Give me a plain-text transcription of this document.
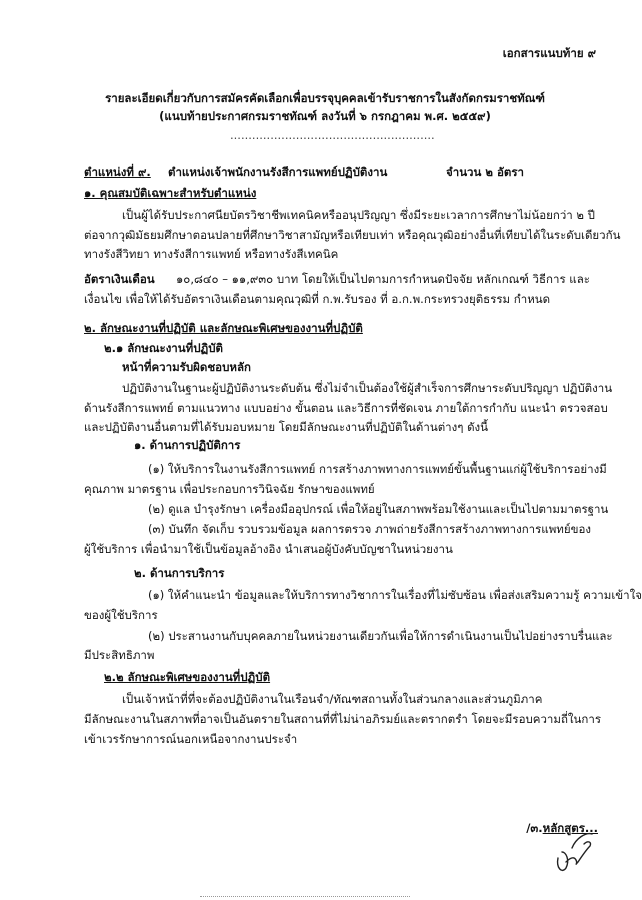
เอกสารแนบท้าย ๙
รายละเอียดเกี่ยวกับการสมัครคัดเลือกเพื่อบรรจุบุคคลเข้ารับราชการในสังกัดกรมราชทัณฑ์
(แนบท้ายประกาศกรมราชทัณฑ์ ลงวันที่ ๖ กรกฎาคม พ.ศ. ๒๕๕๙)
........................................................
ตำแหน่งที่ ๙.	ตำแหน่งเจ้าพนักงานรังสีการแพทย์ปฏิบัติงาน	จำนวน ๒ อัตรา
๑. คุณสมบัติเฉพาะสำหรับตำแหน่ง
เป็นผู้ได้รับประกาศนียบัตรวิชาชีพเทคนิคหรืออนุปริญญา ซึ่งมีระยะเวลาการศึกษาไม่น้อยกว่า ๒ ปี
ต่อจากวุฒิมัธยมศึกษาตอนปลายที่ศึกษาวิชาสามัญหรือเทียบเท่า หรือคุณวุฒิอย่างอื่นที่เทียบได้ในระดับเดียวกัน
ทางรังสีวิทยา ทางรังสีการแพทย์ หรือทางรังสีเทคนิค
อัตราเงินเดือน	๑๐,๘๔๐ – ๑๑,๙๓๐ บาท โดยให้เป็นไปตามการกำหนดปัจจัย หลักเกณฑ์ วิธีการ และ
เงื่อนไข เพื่อให้ได้รับอัตราเงินเดือนตามคุณวุฒิที่ ก.พ.รับรอง ที่ อ.ก.พ.กระทรวงยุติธรรม กำหนด
๒. ลักษณะงานที่ปฏิบัติ และลักษณะพิเศษของงานที่ปฏิบัติ
๒.๑ ลักษณะงานที่ปฏิบัติ
หน้าที่ความรับผิดชอบหลัก
ปฏิบัติงานในฐานะผู้ปฏิบัติงานระดับต้น ซึ่งไม่จำเป็นต้องใช้ผู้สำเร็จการศึกษาระดับปริญญา ปฏิบัติงาน
ด้านรังสีการแพทย์ ตามแนวทาง แบบอย่าง ขั้นตอน และวิธีการที่ชัดเจน ภายใต้การกำกับ แนะนำ ตรวจสอบ
และปฏิบัติงานอื่นตามที่ได้รับมอบหมาย โดยมีลักษณะงานที่ปฏิบัติในด้านต่างๆ ดังนี้
๑. ด้านการปฏิบัติการ
(๑) ให้บริการในงานรังสีการแพทย์ การสร้างภาพทางการแพทย์ขั้นพื้นฐานแก่ผู้ใช้บริการอย่างมี
คุณภาพ มาตรฐาน เพื่อประกอบการวินิจฉัย รักษาของแพทย์
(๒) ดูแล บำรุงรักษา เครื่องมืออุปกรณ์ เพื่อให้อยู่ในสภาพพร้อมใช้งานและเป็นไปตามมาตรฐาน
(๓) บันทึก จัดเก็บ รวบรวมข้อมูล ผลการตรวจ ภาพถ่ายรังสีการสร้างภาพทางการแพทย์ของ
ผู้ใช้บริการ เพื่อนำมาใช้เป็นข้อมูลอ้างอิง นำเสนอผู้บังคับบัญชาในหน่วยงาน
๒. ด้านการบริการ
(๑) ให้คำแนะนำ ข้อมูลและให้บริการทางวิชาการในเรื่องที่ไม่ซับซ้อน เพื่อส่งเสริมความรู้ ความเข้าใจ
ของผู้ใช้บริการ
(๒) ประสานงานกับบุคคลภายในหน่วยงานเดียวกันเพื่อให้การดำเนินงานเป็นไปอย่างราบรื่นและ
มีประสิทธิภาพ
๒.๒ ลักษณะพิเศษของงานที่ปฏิบัติ
เป็นเจ้าหน้าที่ที่จะต้องปฏิบัติงานในเรือนจำ/ทัณฑสถานทั้งในส่วนกลางและส่วนภูมิภาค
มีลักษณะงานในสภาพที่อาจเป็นอันตรายในสถานที่ที่ไม่น่าอภิรมย์และตรากตรำ โดยจะมีรอบความถี่ในการ
เข้าเวรรักษาการณ์นอกเหนือจากงานประจำ
/๓.หลักสูตร...
